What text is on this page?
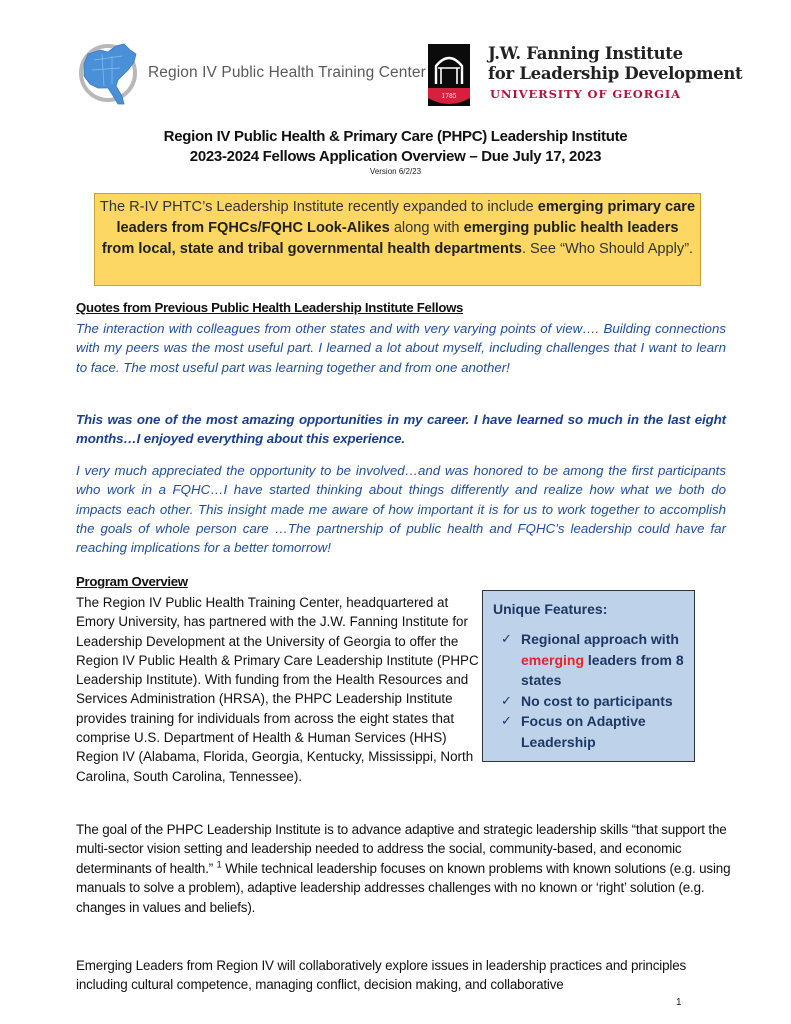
Region IV Public Health Training Center
1785
J.W. Fanning Institute
for Leadership Development
UNIVERSITY OF GEORGIA
Region IV Public Health & Primary Care (PHPC) Leadership Institute
2023-2024 Fellows Application Overview – Due July 17, 2023
Version 6/2/23
The R-IV PHTC’s Leadership Institute recently expanded to include emerging primary care leaders from FQHCs/FQHC Look-Alikes along with emerging public health leaders from local, state and tribal governmental health departments. See “Who Should Apply”.
Quotes from Previous Public Health Leadership Institute Fellows
The interaction with colleagues from other states and with very varying points of view…. Building connections with my peers was the most useful part. I learned a lot about myself, including challenges that I want to learn to face. The most useful part was learning together and from one another!
This was one of the most amazing opportunities in my career. I have learned so much in the last eight months…I enjoyed everything about this experience.
I very much appreciated the opportunity to be involved…and was honored to be among the first participants who work in a FQHC…I have started thinking about things differently and realize how what we both do impacts each other. This insight made me aware of how important it is for us to work together to accomplish the goals of whole person care …The partnership of public health and FQHC’s leadership could have far reaching implications for a better tomorrow!
Program Overview
The Region IV Public Health Training Center, headquartered at Emory University, has partnered with the J.W. Fanning Institute for Leadership Development at the University of Georgia to offer the Region IV Public Health & Primary Care Leadership Institute (PHPC Leadership Institute). With funding from the Health Resources and Services Administration (HRSA), the PHPC Leadership Institute provides training for individuals from across the eight states that comprise U.S. Department of Health & Human Services (HHS) Region IV (Alabama, Florida, Georgia, Kentucky, Mississippi, North Carolina, South Carolina, Tennessee).
Unique Features:
✓ Regional approach with emerging leaders from 8 states
✓ No cost to participants
✓ Focus on Adaptive Leadership
The goal of the PHPC Leadership Institute is to advance adaptive and strategic leadership skills “that support the multi-sector vision setting and leadership needed to address the social, community-based, and economic determinants of health.” $^1$ While technical leadership focuses on known problems with known solutions (e.g. using manuals to solve a problem), adaptive leadership addresses challenges with no known or ‘right’ solution (e.g. changes in values and beliefs).
Emerging Leaders from Region IV will collaboratively explore issues in leadership practices and principles including cultural competence, managing conflict, decision making, and collaborative
1
